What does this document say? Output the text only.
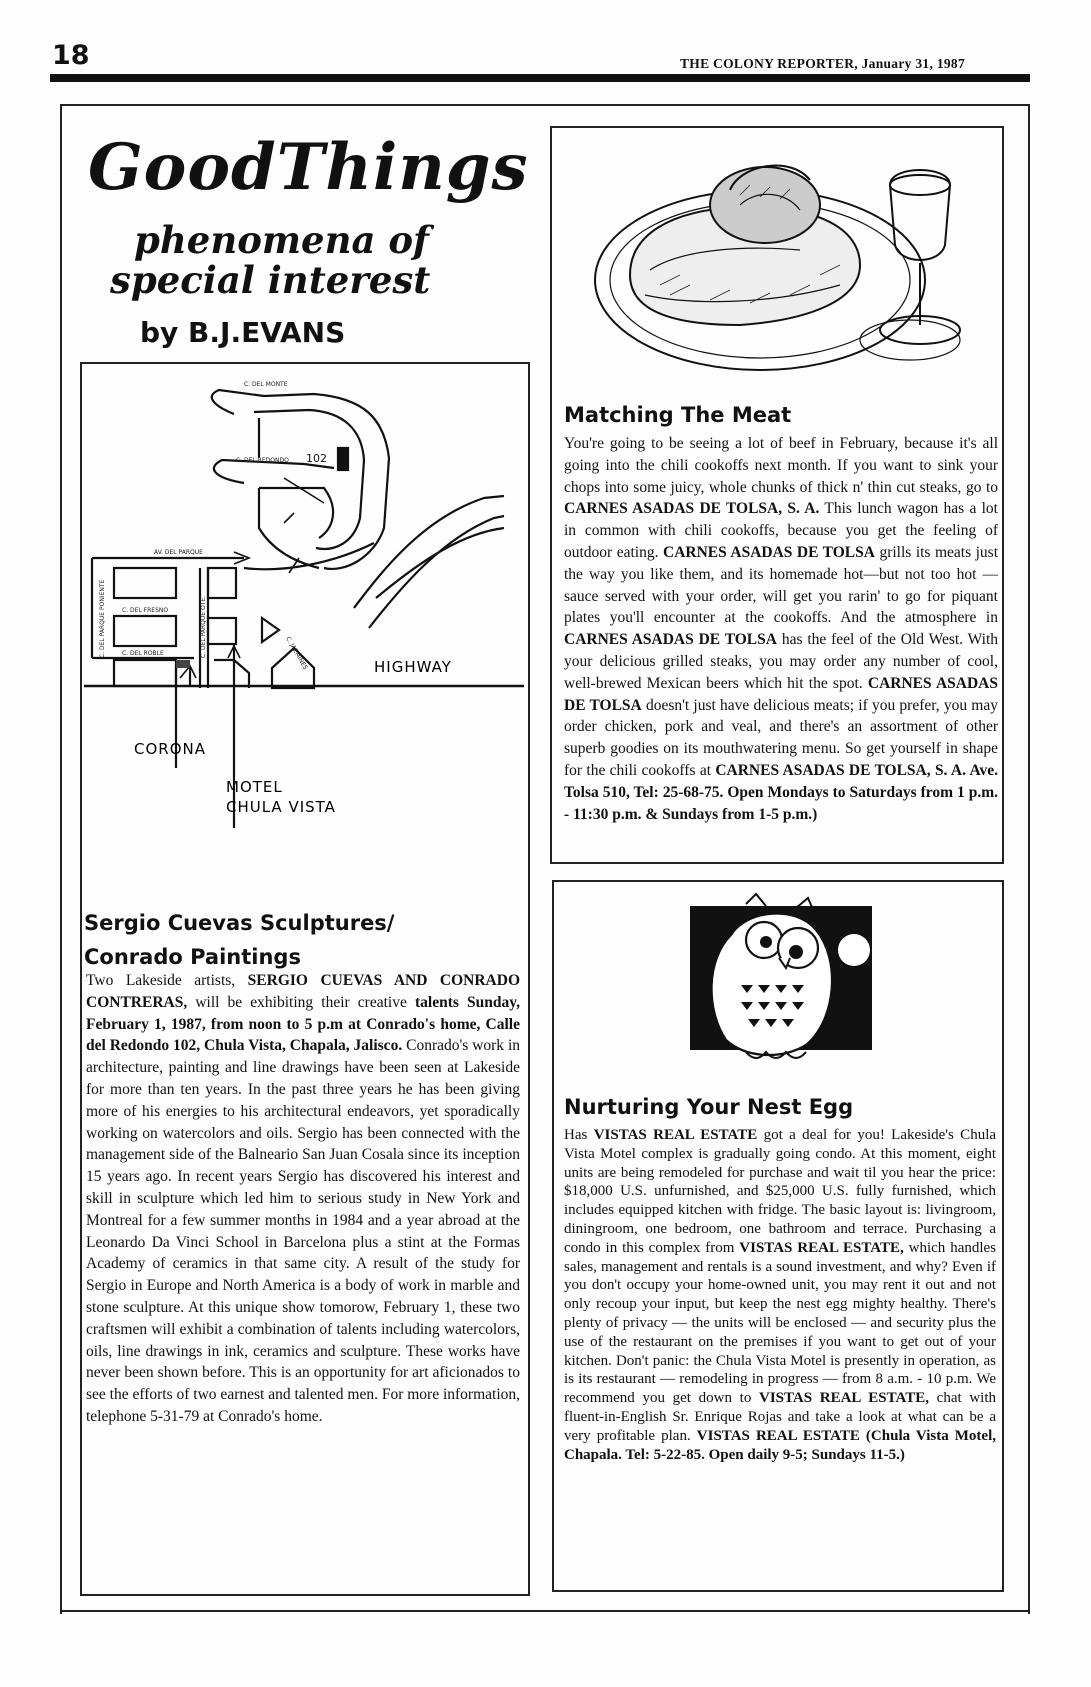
18	THE COLONY REPORTER, January 31, 1987
GoodThings
phenomena of
special interest
by B.J.EVANS
C. DEL MONTE
C. DEL REDONDO 102
AV. DEL PARQUE
C. DEL FRESNO
C. DEL ROBLE
C. DEL PARQUE PONIENTE	C. DEL PARQUE OTE.	C. JAZMINES	HIGHWAY
CORONA
MOTEL
CHULA VISTA
Sergio Cuevas Sculptures/
Conrado Paintings
Two Lakeside artists, SERGIO CUEVAS AND CONRADO CONTRERAS, will be exhibiting their creative talents Sunday, February 1, 1987, from noon to 5 p.m at Conrado's home, Calle del Redondo 102, Chula Vista, Chapala, Jalisco. Conrado's work in architecture, painting and line drawings have been seen at Lakeside for more than ten years. In the past three years he has been giving more of his energies to his architectural endeavors, yet sporadically working on watercolors and oils. Sergio has been connected with the management side of the Balneario San Juan Cosala since its inception 15 years ago. In recent years Sergio has discovered his interest and skill in sculpture which led him to serious study in New York and Montreal for a few summer months in 1984 and a year abroad at the Leonardo Da Vinci School in Barcelona plus a stint at the Formas Academy of ceramics in that same city. A result of the study for Sergio in Europe and North America is a body of work in marble and stone sculpture. At this unique show tomorow, February 1, these two craftsmen will exhibit a combination of talents including watercolors, oils, line drawings in ink, ceramics and sculpture. These works have never been shown before. This is an opportunity for art aficionados to see the efforts of two earnest and talented men. For more information, telephone 5-31-79 at Conrado's home.
Matching The Meat
You're going to be seeing a lot of beef in February, because it's all going into the chili cookoffs next month. If you want to sink your chops into some juicy, whole chunks of thick n' thin cut steaks, go to CARNES ASADAS DE TOLSA, S. A. This lunch wagon has a lot in common with chili cookoffs, because you get the feeling of outdoor eating. CARNES ASADAS DE TOLSA grills its meats just the way you like them, and its homemade hot—but not too hot — sauce served with your order, will get you rarin' to go for piquant plates you'll encounter at the cookoffs. And the atmosphere in CARNES ASADAS DE TOLSA has the feel of the Old West. With your delicious grilled steaks, you may order any number of cool, well-brewed Mexican beers which hit the spot. CARNES ASADAS DE TOLSA doesn't just have delicious meats; if you prefer, you may order chicken, pork and veal, and there's an assortment of other superb goodies on its mouthwatering menu. So get yourself in shape for the chili cookoffs at CARNES ASADAS DE TOLSA, S. A. Ave. Tolsa 510, Tel: 25-68-75. Open Mondays to Saturdays from 1 p.m. - 11:30 p.m. & Sundays from 1-5 p.m.)
Nurturing Your Nest Egg
Has VISTAS REAL ESTATE got a deal for you! Lakeside's Chula Vista Motel complex is gradually going condo. At this moment, eight units are being remodeled for purchase and wait til you hear the price: $18,000 U.S. unfurnished, and $25,000 U.S. fully furnished, which includes equipped kitchen with fridge. The basic layout is: livingroom, diningroom, one bedroom, one bathroom and terrace. Purchasing a condo in this complex from VISTAS REAL ESTATE, which handles sales, management and rentals is a sound investment, and why? Even if you don't occupy your home-owned unit, you may rent it out and not only recoup your input, but keep the nest egg mighty healthy. There's plenty of privacy — the units will be enclosed — and security plus the use of the restaurant on the premises if you want to get out of your kitchen. Don't panic: the Chula Vista Motel is presently in operation, as is its restaurant — remodeling in progress — from 8 a.m. - 10 p.m. We recommend you get down to VISTAS REAL ESTATE, chat with fluent-in-English Sr. Enrique Rojas and take a look at what can be a very profitable plan. VISTAS REAL ESTATE (Chula Vista Motel, Chapala. Tel: 5-22-85. Open daily 9-5; Sundays 11-5.)
